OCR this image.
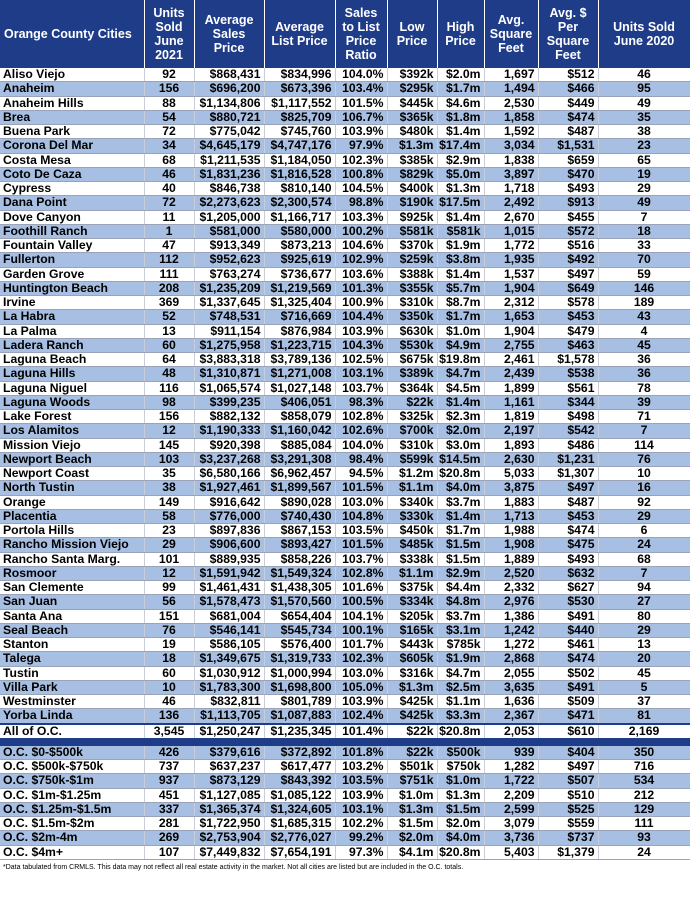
Orange County Cities	Units Sold June 2021	Average Sales Price	Average List Price	Sales to List Price Ratio	Low Price	High Price	Avg. Square Feet	Avg. $ Per Square Feet	Units Sold June 2020
Aliso Viejo	92	$868,431	$834,996	104.0%	$392k	$2.0m	1,697	$512	46
Anaheim	156	$696,200	$673,396	103.4%	$295k	$1.7m	1,494	$466	95
Anaheim Hills	88	$1,134,806	$1,117,552	101.5%	$445k	$4.6m	2,530	$449	49
Brea	54	$880,721	$825,709	106.7%	$365k	$1.8m	1,858	$474	35
Buena Park	72	$775,042	$745,760	103.9%	$480k	$1.4m	1,592	$487	38
Corona Del Mar	34	$4,645,179	$4,747,176	97.9%	$1.3m	$17.4m	3,034	$1,531	23
Costa Mesa	68	$1,211,535	$1,184,050	102.3%	$385k	$2.9m	1,838	$659	65
Coto De Caza	46	$1,831,236	$1,816,528	100.8%	$829k	$5.0m	3,897	$470	19
Cypress	40	$846,738	$810,140	104.5%	$400k	$1.3m	1,718	$493	29
Dana Point	72	$2,273,623	$2,300,574	98.8%	$190k	$17.5m	2,492	$913	49
Dove Canyon	11	$1,205,000	$1,166,717	103.3%	$925k	$1.4m	2,670	$455	7
Foothill Ranch	1	$581,000	$580,000	100.2%	$581k	$581k	1,015	$572	18
Fountain Valley	47	$913,349	$873,213	104.6%	$370k	$1.9m	1,772	$516	33
Fullerton	112	$952,623	$925,619	102.9%	$259k	$3.8m	1,935	$492	70
Garden Grove	111	$763,274	$736,677	103.6%	$388k	$1.4m	1,537	$497	59
Huntington Beach	208	$1,235,209	$1,219,569	101.3%	$355k	$5.7m	1,904	$649	146
Irvine	369	$1,337,645	$1,325,404	100.9%	$310k	$8.7m	2,312	$578	189
La Habra	52	$748,531	$716,669	104.4%	$350k	$1.7m	1,653	$453	43
La Palma	13	$911,154	$876,984	103.9%	$630k	$1.0m	1,904	$479	4
Ladera Ranch	60	$1,275,958	$1,223,715	104.3%	$530k	$4.9m	2,755	$463	45
Laguna Beach	64	$3,883,318	$3,789,136	102.5%	$675k	$19.8m	2,461	$1,578	36
Laguna Hills	48	$1,310,871	$1,271,008	103.1%	$389k	$4.7m	2,439	$538	36
Laguna Niguel	116	$1,065,574	$1,027,148	103.7%	$364k	$4.5m	1,899	$561	78
Laguna Woods	98	$399,235	$406,051	98.3%	$22k	$1.4m	1,161	$344	39
Lake Forest	156	$882,132	$858,079	102.8%	$325k	$2.3m	1,819	$498	71
Los Alamitos	12	$1,190,333	$1,160,042	102.6%	$700k	$2.0m	2,197	$542	7
Mission Viejo	145	$920,398	$885,084	104.0%	$310k	$3.0m	1,893	$486	114
Newport Beach	103	$3,237,268	$3,291,308	98.4%	$599k	$14.5m	2,630	$1,231	76
Newport Coast	35	$6,580,166	$6,962,457	94.5%	$1.2m	$20.8m	5,033	$1,307	10
North Tustin	38	$1,927,461	$1,899,567	101.5%	$1.1m	$4.0m	3,875	$497	16
Orange	149	$916,642	$890,028	103.0%	$340k	$3.7m	1,883	$487	92
Placentia	58	$776,000	$740,430	104.8%	$330k	$1.4m	1,713	$453	29
Portola Hills	23	$897,836	$867,153	103.5%	$450k	$1.7m	1,988	$474	6
Rancho Mission Viejo	29	$906,600	$893,427	101.5%	$485k	$1.5m	1,908	$475	24
Rancho Santa Marg.	101	$889,935	$858,226	103.7%	$338k	$1.5m	1,889	$493	68
Rosmoor	12	$1,591,942	$1,549,324	102.8%	$1.1m	$2.9m	2,520	$632	7
San Clemente	99	$1,461,431	$1,438,305	101.6%	$375k	$4.4m	2,332	$627	94
San Juan	56	$1,578,473	$1,570,560	100.5%	$334k	$4.8m	2,976	$530	27
Santa Ana	151	$681,004	$654,404	104.1%	$205k	$3.7m	1,386	$491	80
Seal Beach	76	$546,141	$545,734	100.1%	$165k	$3.1m	1,242	$440	29
Stanton	19	$586,105	$576,400	101.7%	$443k	$785k	1,272	$461	13
Talega	18	$1,349,675	$1,319,733	102.3%	$605k	$1.9m	2,868	$474	20
Tustin	60	$1,030,912	$1,000,994	103.0%	$316k	$4.7m	2,055	$502	45
Villa Park	10	$1,783,300	$1,698,800	105.0%	$1.3m	$2.5m	3,635	$491	5
Westminster	46	$832,811	$801,789	103.9%	$425k	$1.1m	1,636	$509	37
Yorba Linda	136	$1,113,705	$1,087,883	102.4%	$425k	$3.3m	2,367	$471	81
All of O.C.	3,545	$1,250,247	$1,235,345	101.4%	$22k	$20.8m	2,053	$610	2,169

O.C. $0-$500k	426	$379,616	$372,892	101.8%	$22k	$500k	939	$404	350
O.C. $500k-$750k	737	$637,237	$617,477	103.2%	$501k	$750k	1,282	$497	716
O.C. $750k-$1m	937	$873,129	$843,392	103.5%	$751k	$1.0m	1,722	$507	534
O.C. $1m-$1.25m	451	$1,127,085	$1,085,122	103.9%	$1.0m	$1.3m	2,209	$510	212
O.C. $1.25m-$1.5m	337	$1,365,374	$1,324,605	103.1%	$1.3m	$1.5m	2,599	$525	129
O.C. $1.5m-$2m	281	$1,722,950	$1,685,315	102.2%	$1.5m	$2.0m	3,079	$559	111
O.C. $2m-4m	269	$2,753,904	$2,776,027	99.2%	$2.0m	$4.0m	3,736	$737	93
O.C. $4m+	107	$7,449,832	$7,654,191	97.3%	$4.1m	$20.8m	5,403	$1,379	24
*Data tabulated from CRMLS. This data may not reflect all real estate activity in the market. Not all cities are listed but are included in the O.C. totals.
